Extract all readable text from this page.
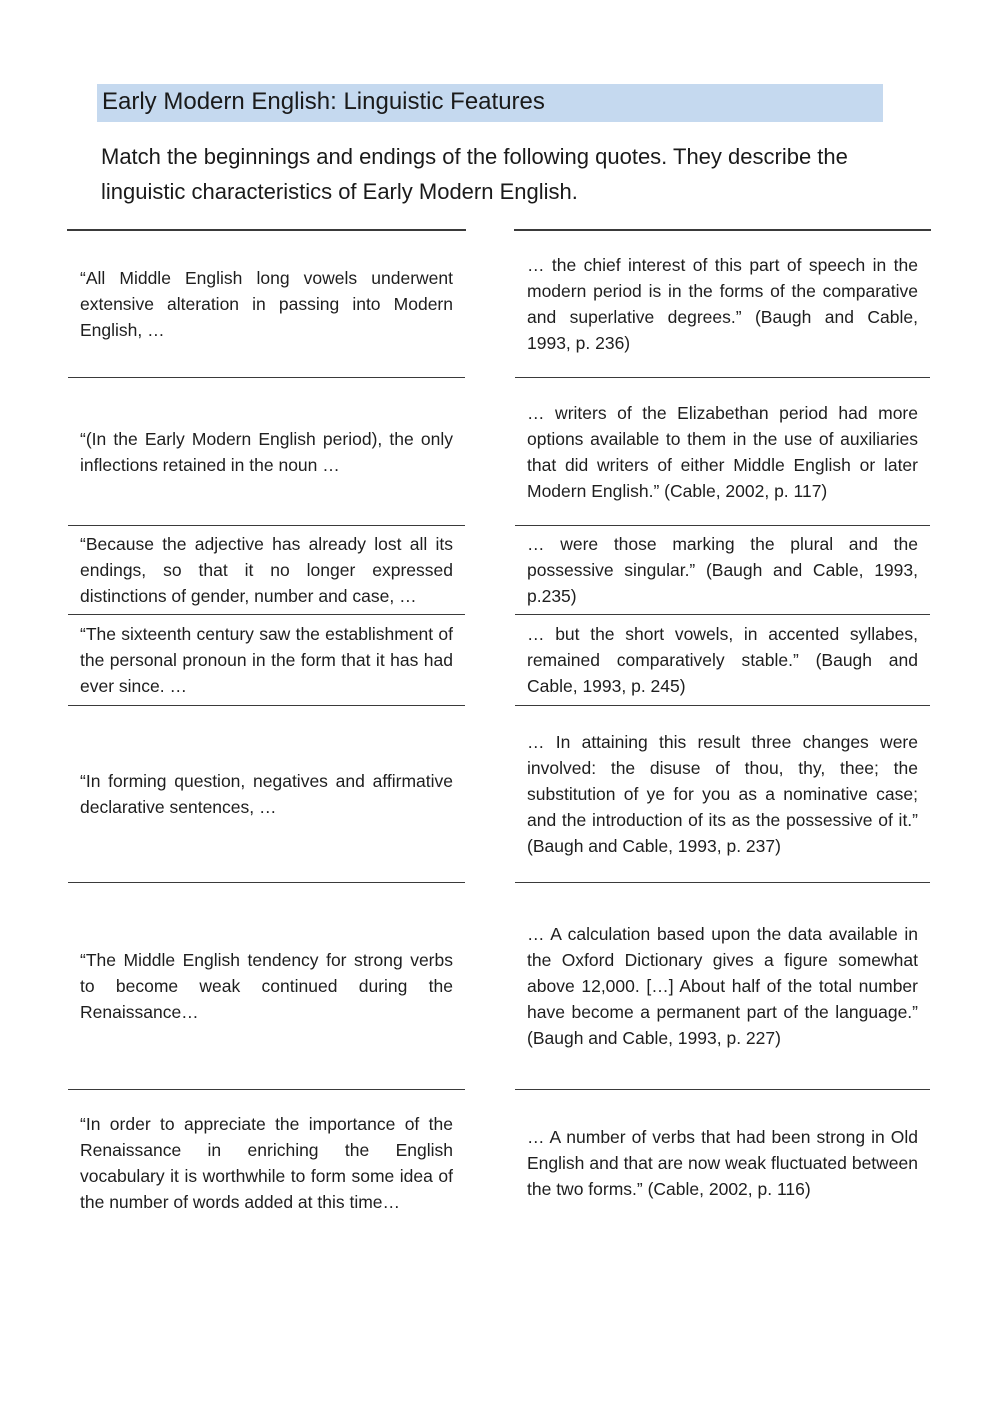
Early Modern English: Linguistic Features
Match the beginnings and endings of the following quotes. They describe the linguistic characteristics of Early Modern English.
“All Middle English long vowels underwent extensive alteration in passing into Modern English, …
“(In the Early Modern English period), the only inflections retained in the noun …
“Because the adjective has already lost all its endings, so that it no longer expressed distinctions of gender, number and case, …
“The sixteenth century saw the establishment of the personal pronoun in the form that it has had ever since. …
“In forming question, negatives and affirmative declarative sentences, …
“The Middle English tendency for strong verbs to become weak continued during the Renaissance…
“In order to appreciate the importance of the Renaissance in enriching the English vocabulary it is worthwhile to form some idea of the number of words added at this time…
… the chief interest of this part of speech in the modern period is in the forms of the comparative and superlative degrees.” (Baugh and Cable, 1993, p. 236)
… writers of the Elizabethan period had more options available to them in the use of auxiliaries that did writers of either Middle English or later Modern English.” (Cable, 2002, p. 117)
… were those marking the plural and the possessive singular.” (Baugh and Cable, 1993, p.235)
… but the short vowels, in accented syllabes, remained comparatively stable.” (Baugh and Cable, 1993, p. 245)
… In attaining this result three changes were involved: the disuse of thou, thy, thee; the substitution of ye for you as a nominative case; and the introduction of its as the possessive of it.” (Baugh and Cable, 1993, p. 237)
… A calculation based upon the data available in the Oxford Dictionary gives a figure somewhat above 12,000. […] About half of the total number have become a permanent part of the language.” (Baugh and Cable, 1993, p. 227)
… A number of verbs that had been strong in Old English and that are now weak fluctuated between the two forms.” (Cable, 2002, p. 116)
